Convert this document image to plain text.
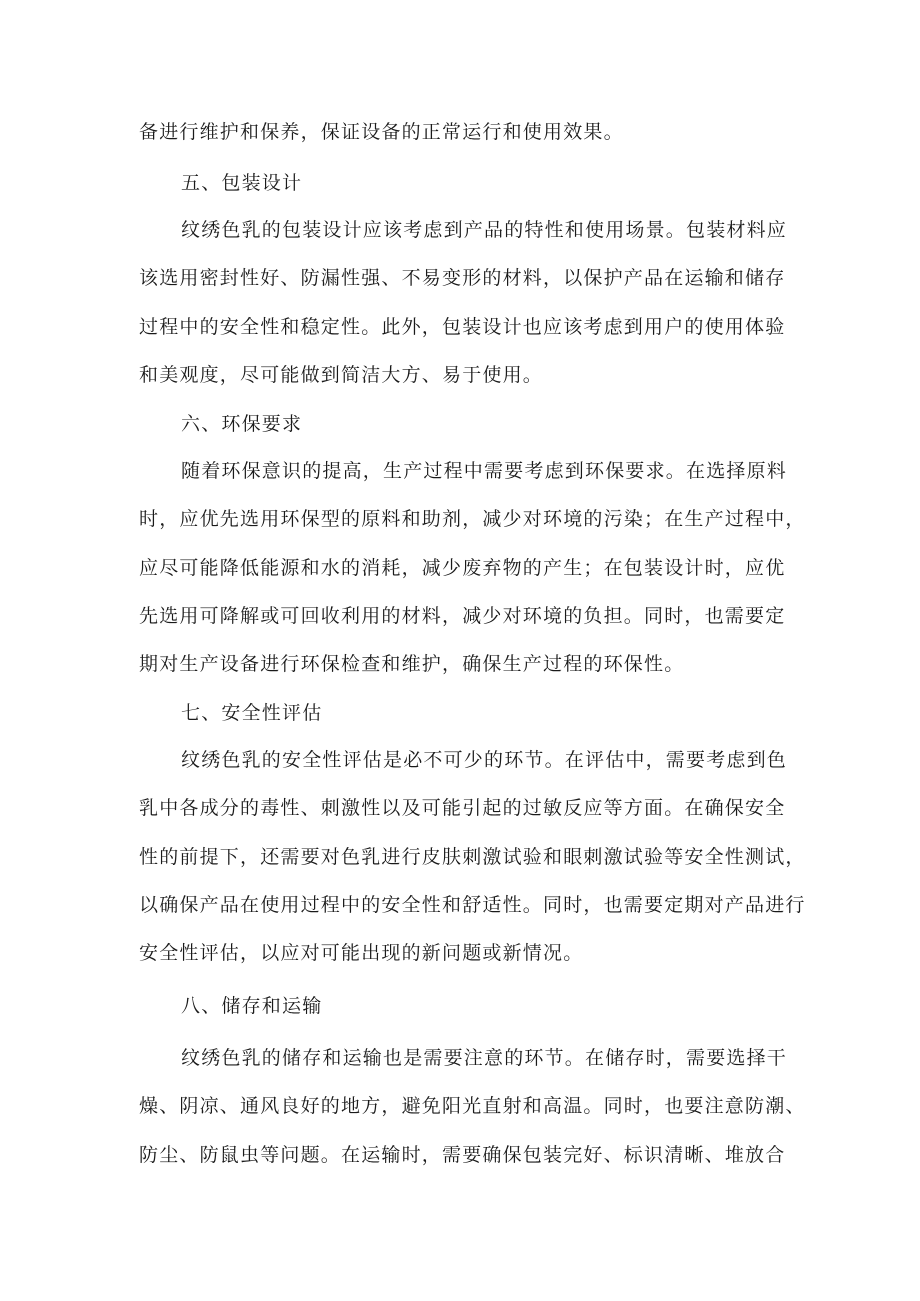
备进行维护和保养，保证设备的正常运行和使用效果。
五、包装设计
纹绣色乳的包装设计应该考虑到产品的特性和使用场景。包装材料应
该选用密封性好、防漏性强、不易变形的材料，以保护产品在运输和储存
过程中的安全性和稳定性。此外，包装设计也应该考虑到用户的使用体验
和美观度，尽可能做到简洁大方、易于使用。
六、环保要求
随着环保意识的提高，生产过程中需要考虑到环保要求。在选择原料
时，应优先选用环保型的原料和助剂，减少对环境的污染；在生产过程中，
应尽可能降低能源和水的消耗，减少废弃物的产生；在包装设计时，应优
先选用可降解或可回收利用的材料，减少对环境的负担。同时，也需要定
期对生产设备进行环保检查和维护，确保生产过程的环保性。
七、安全性评估
纹绣色乳的安全性评估是必不可少的环节。在评估中，需要考虑到色
乳中各成分的毒性、刺激性以及可能引起的过敏反应等方面。在确保安全
性的前提下，还需要对色乳进行皮肤刺激试验和眼刺激试验等安全性测试，
以确保产品在使用过程中的安全性和舒适性。同时，也需要定期对产品进行
安全性评估，以应对可能出现的新问题或新情况。
八、储存和运输
纹绣色乳的储存和运输也是需要注意的环节。在储存时，需要选择干
燥、阴凉、通风良好的地方，避免阳光直射和高温。同时，也要注意防潮、
防尘、防鼠虫等问题。在运输时，需要确保包装完好、标识清晰、堆放合
